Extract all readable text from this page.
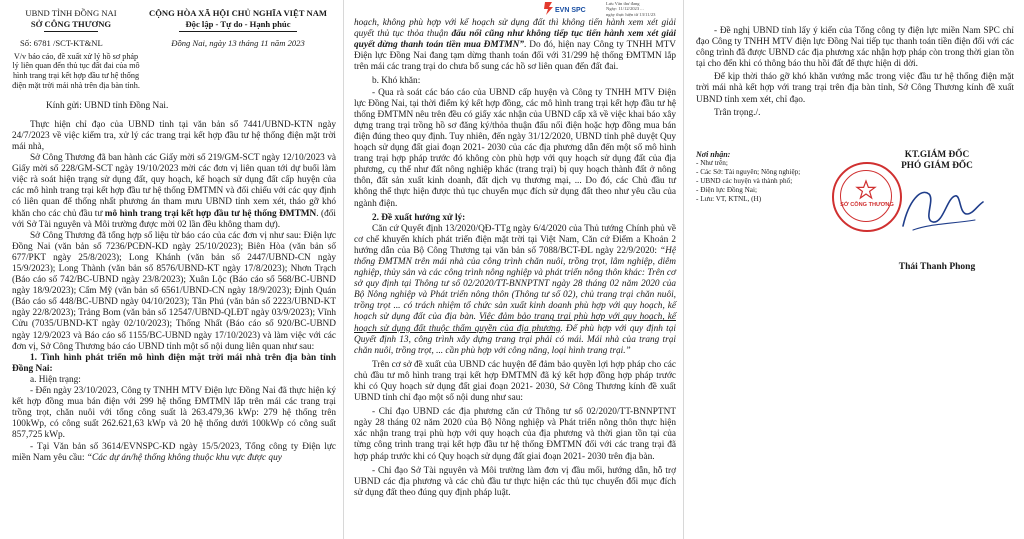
UBND TỈNH ĐỒNG NAI
SỞ CÔNG THƯƠNG
CỘNG HÒA XÃ HỘI CHỦ NGHĨA VIỆT NAM
Độc lập - Tự do - Hạnh phúc
Số: 6781 /SCT-KT&NL
V/v báo cáo, đề xuất xử lý hồ sơ pháp lý liên quan đến thủ tục đất đai của mô hình trang trại kết hợp đầu tư hệ thống điện mặt trời mái nhà trên địa bàn tỉnh.
Đồng Nai, ngày 13 tháng 11 năm 2023
Kính gửi: UBND tỉnh Đồng Nai.

Thực hiện chỉ đạo của UBND tỉnh tại văn bản số 7441/UBND-KTN ngày 24/7/2023 về việc kiểm tra, xử lý các trang trại kết hợp đầu tư hệ thống điện mặt trời mái nhà,

Sở Công Thương đã ban hành các Giấy mời số 219/GM-SCT ngày 12/10/2023 và Giấy mời số 228/GM-SCT ngày 19/10/2023 mời các đơn vị liên quan tới dự buổi làm việc rà soát hiện trạng sử dụng đất, quy hoạch, kế hoạch sử dụng đất cấp huyện của các mô hình trang trại kết hợp đầu tư hệ thống ĐMTMN và đối chiếu với các quy định có liên quan để thống nhất phương án tham mưu UBND tỉnh xem xét, tháo gỡ khó khăn cho các chủ đầu tư mô hình trang trại kết hợp đầu tư hệ thống ĐMTMN. (đối với Sở Tài nguyên và Môi trường được mời 02 lần đều không tham dự).

Sở Công Thương đã tổng hợp số liệu từ báo cáo của các đơn vị như sau: Điện lực Đồng Nai (văn bản số 7236/PCĐN-KD ngày 25/10/2023); Biên Hòa (văn bản số 677/PKT ngày 25/8/2023); Long Khánh (văn bản số 2447/UBND-CN ngày 15/9/2023); Long Thành (văn bản số 8576/UBND-KT ngày 17/8/2023); Nhơn Trạch (Báo cáo số 742/BC-UBND ngày 23/8/2023); Xuân Lộc (Báo cáo số 568/BC-UBND ngày 18/9/2023); Cẩm Mỹ (văn bản số 6561/UBND-CN ngày 18/9/2023); Định Quán (Báo cáo số 448/BC-UBND ngày 04/10/2023); Tân Phú (văn bản số 2223/UBND-KT ngày 22/8/2023); Trảng Bom (văn bản số 12547/UBND-QLĐT ngày 03/9/2023); Vĩnh Cửu (7035/UBND-KT ngày 02/10/2023); Thống Nhất (Báo cáo số 920/BC-UBND ngày 12/9/2023 và Báo cáo số 1155/BC-UBND ngày 17/10/2023) và làm việc với các đơn vị, Sở Công Thương báo cáo UBND tỉnh một số nội dung liên quan như sau:

1. Tình hình phát triển mô hình điện mặt trời mái nhà trên địa bàn tỉnh Đồng Nai:

a. Hiện trạng:

- Đến ngày 23/10/2023, Công ty TNHH MTV Điện lực Đồng Nai đã thực hiện ký kết hợp đồng mua bán điện với 299 hệ thống ĐMTMN lắp trên mái các trang trại trồng trọt, chăn nuôi với tổng công suất là 263.479,36 kWp: 279 hệ thống trên 100kWp, có công suất 262.621,63 kWp và 20 hệ thống dưới 100kWp có công suất 857,725 kWp.

- Tại Văn bản số 3614/EVNSPC-KD ngày 15/5/2023, Tổng công ty Điện lực miền Nam yêu cầu: “Các dự án/hệ thống không thuộc khu vực được quy

EVN SPC
Lưu Văn thư đang
Ngày: 11/12/2023 ...
ngày thực hiện từ 13/11/23

hoạch, không phù hợp với kế hoạch sử dụng đất thì không tiến hành xem xét giải quyết thủ tục thỏa thuận đấu nối cũng như không tiếp tục tiến hành xem xét giải quyết dừng thanh toán tiền mua ĐMTMN”. Do đó, hiện nay Công ty TNHH MTV Điện lực Đồng Nai đang tạm dừng thanh toán đối với 31/299 hệ thống ĐMTMN lắp trên mái các trang trại do chưa bổ sung các hồ sơ liên quan đến đất đai.

b. Khó khăn:

- Qua rà soát các báo cáo của UBND cấp huyện và Công ty TNHH MTV Điện lực Đồng Nai, tại thời điểm ký kết hợp đồng, các mô hình trang trại kết hợp đầu tư hệ thống ĐMTMN nêu trên đều có giấy xác nhận của UBND cấp xã về việc khai báo xây dựng trang trại trồng hồ sơ đăng ký/thỏa thuận đấu nối điện hoặc hợp đồng mua bán điện đúng theo quy định. Tuy nhiên, đến ngày 31/12/2020, UBND tỉnh phê duyệt Quy hoạch sử dụng đất giai đoạn 2021- 2030 của các địa phương dẫn đến một số mô hình trang trại hợp pháp trước đó không còn phù hợp với quy hoạch sử dụng đất của địa phương, cụ thể như đất nông nghiệp khác (trang trại) bị quy hoạch thành đất ở nông thôn, đất sản xuất kinh doanh, đất dịch vụ thương mại, ... Do đó, các Chủ đầu tư không thể thực hiện được thủ tục chuyển mục đích sử dụng đất theo như yêu cầu của ngành điện.

2. Đề xuất hướng xử lý:

Căn cứ Quyết định 13/2020/QĐ-TTg ngày 6/4/2020 của Thủ tướng Chính phủ về cơ chế khuyến khích phát triển điện mặt trời tại Việt Nam, Căn cứ Điểm a Khoản 2 hướng dẫn của Bộ Công Thương tại văn bản số 7088/BCT-ĐL ngày 22/9/2020: “Hệ thống ĐMTMN trên mái nhà của công trình chăn nuôi, trồng trọt, lâm nghiệp, diêm nghiệp, thủy sản và các công trình nông nghiệp và phát triển nông thôn khác: Trên cơ sở quy định tại Thông tư số 02/2020/TT-BNNPTNT ngày 28 tháng 02 năm 2020 của Bộ Nông nghiệp và Phát triển nông thôn (Thông tư số 02), chủ trang trại chăn nuôi, trồng trọt ... có trách nhiệm tổ chức sản xuất kinh doanh phù hợp với quy hoạch, kế hoạch sử dụng đất của địa bàn. Việc đảm bảo trang trại phù hợp với quy hoạch, kế hoạch sử dụng đất thuộc thẩm quyền của địa phương. Để phù hợp với quy định tại Quyết định 13, công trình xây dựng trang trại phải có mái. Mái nhà của trang trại chăn nuôi, trồng trọt, ... cần phù hợp với công năng, loại hình trang trại.”

Trên cơ sở đề xuất của UBND các huyện để đảm bảo quyền lợi hợp pháp cho các chủ đầu tư mô hình trang trại kết hợp ĐMTMN đã ký kết hợp đồng hợp pháp trước khi có Quy hoạch sử dụng đất giai đoạn 2021- 2030, Sở Công Thương kính đề xuất UBND tỉnh chỉ đạo một số nội dung như sau:

- Chỉ đạo UBND các địa phương căn cứ Thông tư số 02/2020/TT-BNNPTNT ngày 28 tháng 02 năm 2020 của Bộ Nông nghiệp và Phát triển nông thôn thực hiện xác nhận trang trại phù hợp với quy hoạch của địa phương và thời gian tồn tại của từng công trình trang trại kết hợp đầu tư hệ thống ĐMTMN đối với các trang trại đã hợp pháp trước khi có Quy hoạch sử dụng đất giai đoạn 2021- 2030 trên địa bàn.

- Chỉ đạo Sở Tài nguyên và Môi trường làm đơn vị đầu mối, hướng dẫn, hỗ trợ UBND các địa phương và các chủ đầu tư thực hiện các thủ tục chuyển đổi mục đích sử dụng đất theo đúng quy định pháp luật.

- Đề nghị UBND tỉnh lấy ý kiến của Tổng công ty điện lực miền Nam SPC chỉ đạo Công ty TNHH MTV điện lực Đồng Nai tiếp tục thanh toán tiền điện đối với các công trình đã được UBND các địa phương xác nhận hợp pháp còn trong thời gian tồn tại cho đến khi có thông báo thu hồi đất để thực hiện di dời.

Để kịp thời tháo gỡ khó khăn vướng mắc trong việc đầu tư hệ thống điện mặt trời mái nhà kết hợp với trang trại trên địa bàn tỉnh, Sở Công Thương kính đề xuất UBND tỉnh xem xét, chỉ đạo.

Trân trọng./.

Nơi nhận:
- Như trên;
- Các Sở: Tài nguyên; Nông nghiệp;
- UBND các huyện và thành phố;
- Điện lực Đồng Nai;
- Lưu: VT, KTNL, (H)
KT.GIÁM ĐỐC
PHÓ GIÁM ĐỐC
SỞ CÔNG THƯƠNG
Thái Thanh Phong
